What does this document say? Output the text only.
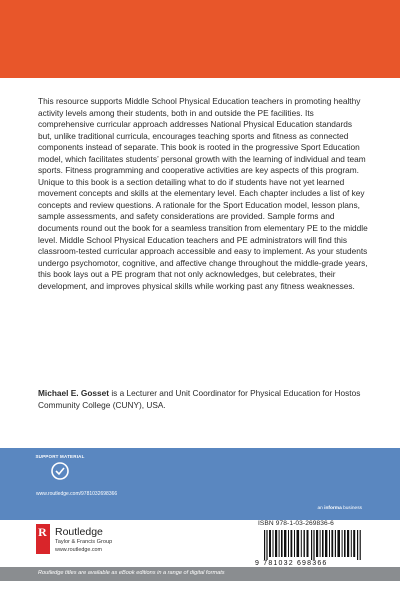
This resource supports Middle School Physical Education teachers in promoting healthy activity levels among their students, both in and outside the PE facilities. Its comprehensive curricular approach addresses National Physical Education standards but, unlike traditional curricula, encourages teaching sports and fitness as connected components instead of separate. This book is rooted in the progressive Sport Education model, which facilitates students’ personal growth with the learning of individual and team sports. Fitness programming and cooperative activities are key aspects of this program. Unique to this book is a section detailing what to do if students have not yet learned movement concepts and skills at the elementary level. Each chapter includes a list of key concepts and review questions. A rationale for the Sport Education model, lesson plans, sample assessments, and safety considerations are provided. Sample forms and documents round out the book for a seamless transition from elementary PE to the middle level. Middle School Physical Education teachers and PE administrators will find this classroom-tested curricular approach accessible and easy to implement. As your students undergo psychomotor, cognitive, and affective change throughout the middle-grade years, this book lays out a PE program that not only acknowledges, but celebrates, their development, and improves physical skills while working past any fitness weaknesses.

Michael E. Gosset is a Lecturer and Unit Coordinator for Physical Education for Hostos Community College (CUNY), USA.

SUPPORT MATERIAL
www.routledge.com/9781032698366
an informa business
R Routledge
Taylor & Francis Group
www.routledge.com
Routledge titles are available as eBook editions in a range of digital formats
ISBN 978-1-03-269836-6
9 781032 698366
